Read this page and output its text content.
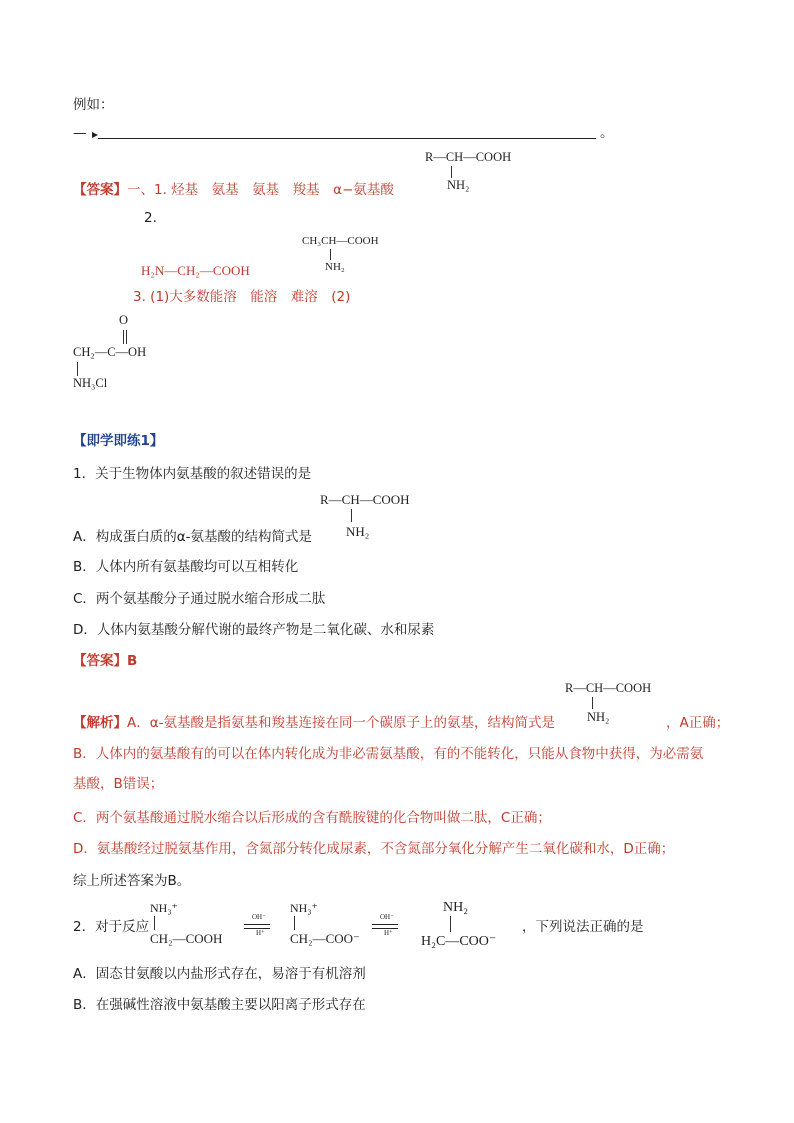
例如：
—	。
R—CH—COOH
NH₂
【答案】一、1. 烃基　氨基　氨基　羧基　α−氨基酸
2.
CH₃CH—COOH
NH₂
H₂N—CH₂—COOH
3. (1)大多数能溶　能溶　难溶　(2)
O
CH₂—C—OH
NH₃Cl
【即学即练1】
1．关于生物体内氨基酸的叙述错误的是
R—CH—COOH
NH₂
A．构成蛋白质的α-氨基酸的结构简式是
B．人体内所有氨基酸均可以互相转化
C．两个氨基酸分子通过脱水缩合形成二肽
D．人体内氨基酸分解代谢的最终产物是二氧化碳、水和尿素
【答案】B
R—CH—COOH
NH₂
【解析】A．α-氨基酸是指氨基和羧基连接在同一个碳原子上的氨基，结构简式是	，A正确；
B．人体内的氨基酸有的可以在体内转化成为非必需氨基酸，有的不能转化，只能从食物中获得，为必需氨
基酸，B错误；
C．两个氨基酸通过脱水缩合以后形成的含有酰胺键的化合物叫做二肽，C正确；
D．氨基酸经过脱氨基作用，含氮部分转化成尿素，不含氮部分氧化分解产生二氧化碳和水，D正确；
综上所述答案为B。
2．对于反应
NH₃⁺
CH₂—COOH
OH⁻
H⁺
NH₃⁺
CH₂—COO⁻
OH⁻
H⁺
NH₂
H₂C—COO⁻
，下列说法正确的是
A．固态甘氨酸以内盐形式存在，易溶于有机溶剂
B．在强碱性溶液中氨基酸主要以阳离子形式存在
